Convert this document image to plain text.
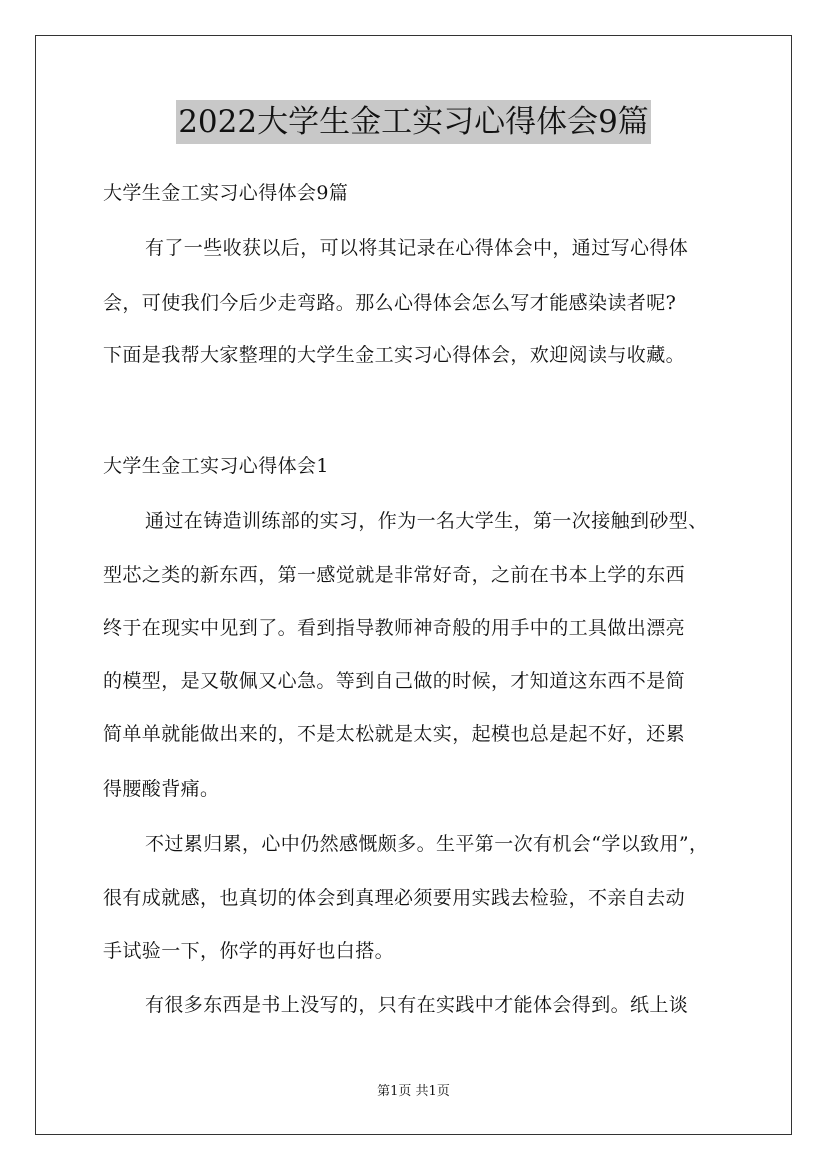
2022大学生金工实习心得体会9篇
大学生金工实习心得体会9篇
有了一些收获以后，可以将其记录在心得体会中，通过写心得体
会，可使我们今后少走弯路。那么心得体会怎么写才能感染读者呢?
下面是我帮大家整理的大学生金工实习心得体会，欢迎阅读与收藏。
大学生金工实习心得体会1
通过在铸造训练部的实习，作为一名大学生，第一次接触到砂型、
型芯之类的新东西，第一感觉就是非常好奇，之前在书本上学的东西
终于在现实中见到了。看到指导教师神奇般的用手中的工具做出漂亮
的模型，是又敬佩又心急。等到自己做的时候，才知道这东西不是简
简单单就能做出来的，不是太松就是太实，起模也总是起不好，还累
得腰酸背痛。
不过累归累，心中仍然感慨颇多。生平第一次有机会“学以致用”，
很有成就感，也真切的体会到真理必须要用实践去检验，不亲自去动
手试验一下，你学的再好也白搭。
有很多东西是书上没写的，只有在实践中才能体会得到。纸上谈
第1页 共1页
